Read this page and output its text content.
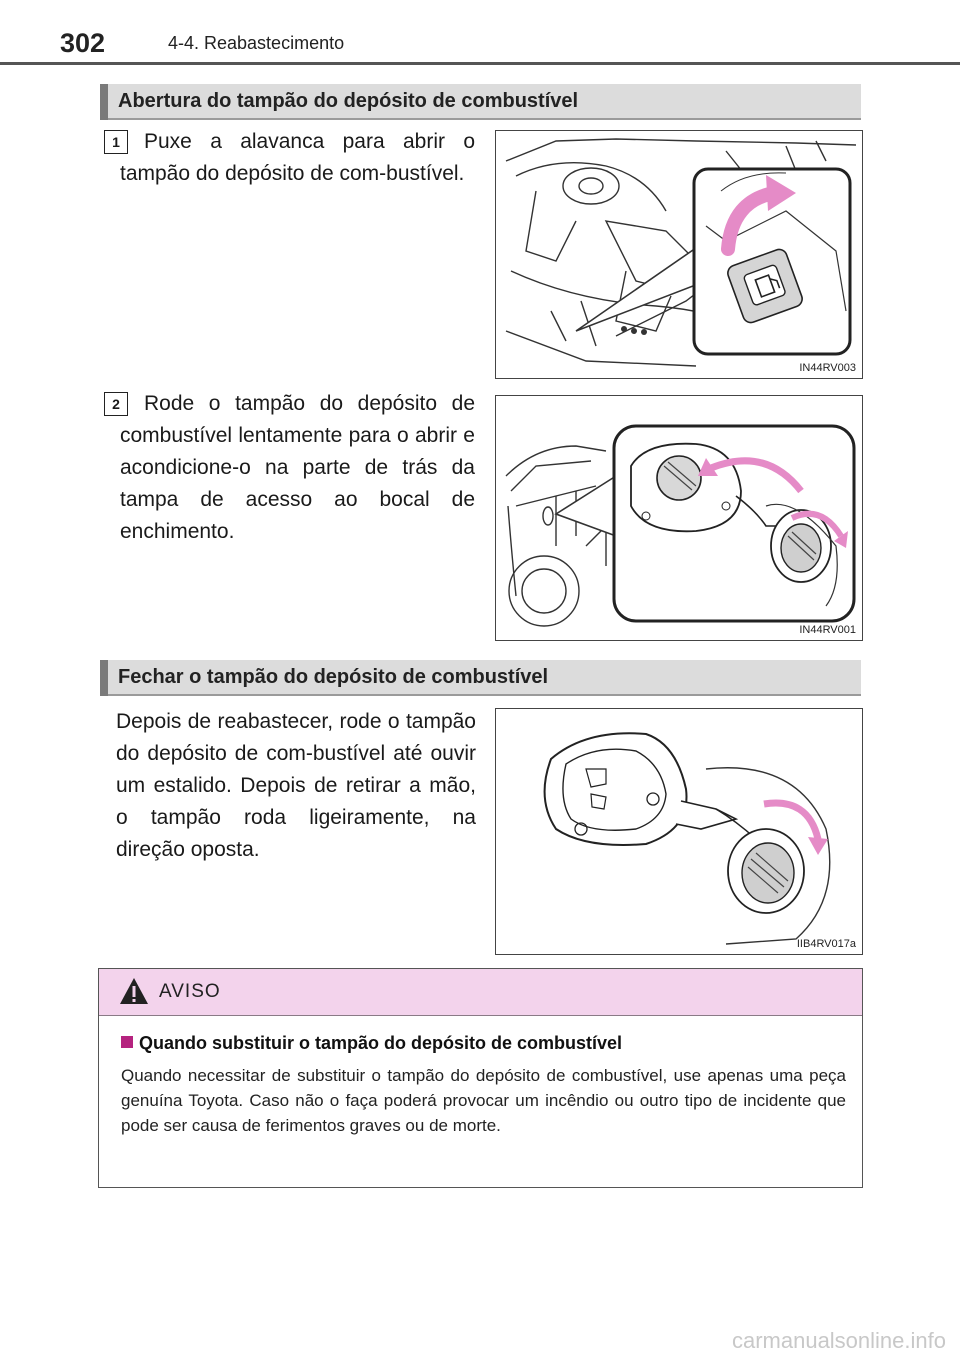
302	4-4. Reabastecimento
Abertura do tampão do depósito de combustível
1	Puxe a alavanca para abrir o tampão do depósito de com-bustível.
IN44RV003
2	Rode o tampão do depósito de combustível lentamente para o abrir e acondicione-o na parte de trás da tampa de acesso ao bocal de enchimento.
IN44RV001
Fechar o tampão do depósito de combustível
Depois de reabastecer, rode o tampão do depósito de com-bustível até ouvir um estalido. Depois de retirar a mão, o tampão roda ligeiramente, na direção oposta.
IIB4RV017a
AVISO
Quando substituir o tampão do depósito de combustível
Quando necessitar de substituir o tampão do depósito de combustível, use apenas uma peça genuína Toyota. Caso não o faça poderá provocar um incêndio ou outro tipo de incidente que pode ser causa de ferimentos graves ou de morte.
carmanualsonline.info
